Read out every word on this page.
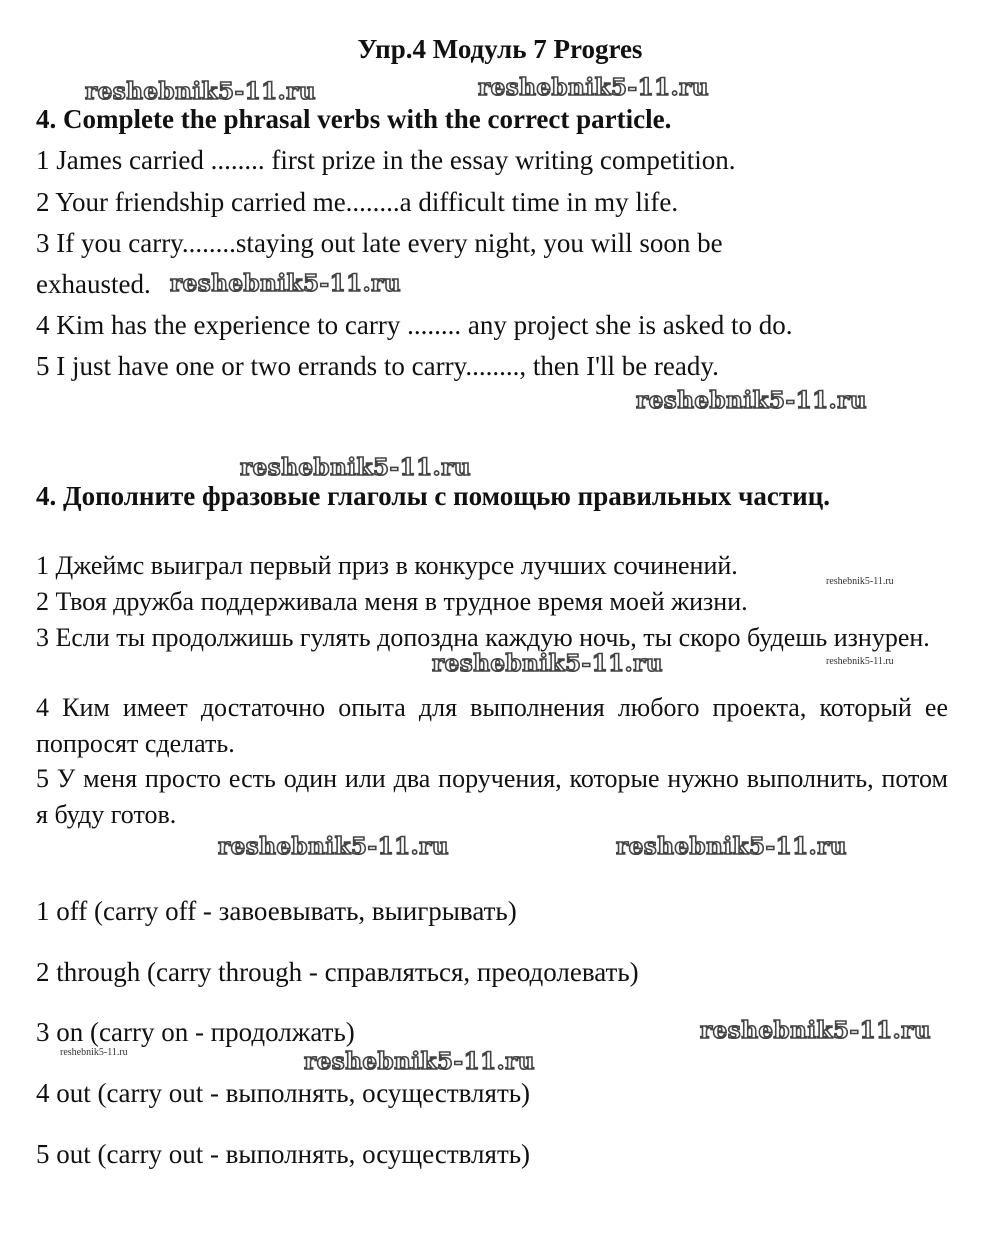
Упр.4 Модуль 7 Progres
reshebnik5-11.ru	reshebnik5-11.ru
reshebnik5-11.ru
reshebnik5-11.ru
reshebnik5-11.ru
reshebnik5-11.ru
reshebnik5-11.ru	reshebnik5-11.ru
reshebnik5-11.ru
reshebnik5-11.ru
reshebnik5-11.ru
reshebnik5-11.ru
reshebnik5-11.ru
4. Complete the phrasal verbs with the correct particle.
1 James carried ........ first prize in the essay writing competition.
2 Your friendship carried me........a difficult time in my life.
3 If you carry........staying out late every night, you will soon be
exhausted.
4 Kim has the experience to carry ........ any project she is asked to do.
5 I just have one or two errands to carry........, then I'll be ready.
4. Дополните фразовые глаголы с помощью правильных частиц.
1 Джеймс выиграл первый приз в конкурсе лучших сочинений.
2 Твоя дружба поддерживала меня в трудное время моей жизни.
3 Если ты продолжишь гулять допоздна каждую ночь, ты скоро будешь изнурен.
4 Ким имеет достаточно опыта для выполнения любого проекта, который ее попросят сделать.
5 У меня просто есть один или два поручения, которые нужно выполнить, потом я буду готов.
1 off (carry off - завоевывать, выигрывать)
2 through (carry through - справляться, преодолевать)
3 on (carry on - продолжать)
4 out (carry out - выполнять, осуществлять)
5 out (carry out - выполнять, осуществлять)
